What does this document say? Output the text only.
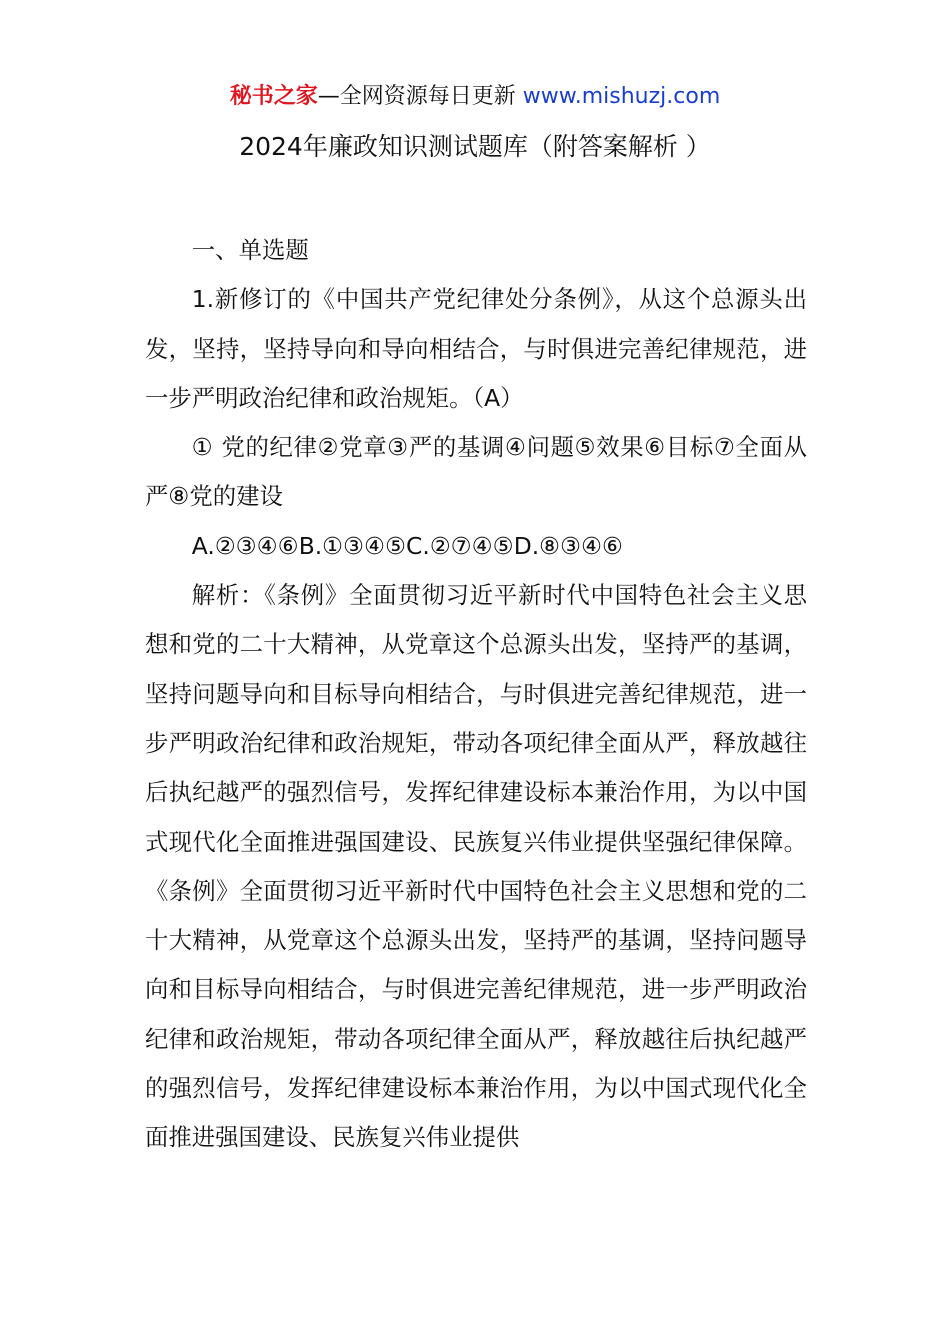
秘书之家—全网资源每日更新 www.mishuzj.com
2024年廉政知识测试题库（附答案解析 ）

一、单选题

1.新修订的《中国共产党纪律处分条例》，从这个总源头出发，坚持，坚持导向和导向相结合，与时俱进完善纪律规范，进一步严明政治纪律和政治规矩。（A）

① 党的纪律②党章③严的基调④问题⑤效果⑥目标⑦全面从严⑧党的建设

A.②③④⑥B.①③④⑤C.②⑦④⑤D.⑧③④⑥

解析：《条例》全面贯彻习近平新时代中国特色社会主义思想和党的二十大精神，从党章这个总源头出发，坚持严的基调，坚持问题导向和目标导向相结合，与时俱进完善纪律规范，进一步严明政治纪律和政治规矩，带动各项纪律全面从严，释放越往后执纪越严的强烈信号，发挥纪律建设标本兼治作用，为以中国式现代化全面推进强国建设、民族复兴伟业提供坚强纪律保障。《条例》全面贯彻习近平新时代中国特色社会主义思想和党的二十大精神，从党章这个总源头出发，坚持严的基调，坚持问题导向和目标导向相结合，与时俱进完善纪律规范，进一步严明政治纪律和政治规矩，带动各项纪律全面从严，释放越往后执纪越严的强烈信号，发挥纪律建设标本兼治作用，为以中国式现代化全面推进强国建设、民族复兴伟业提供
